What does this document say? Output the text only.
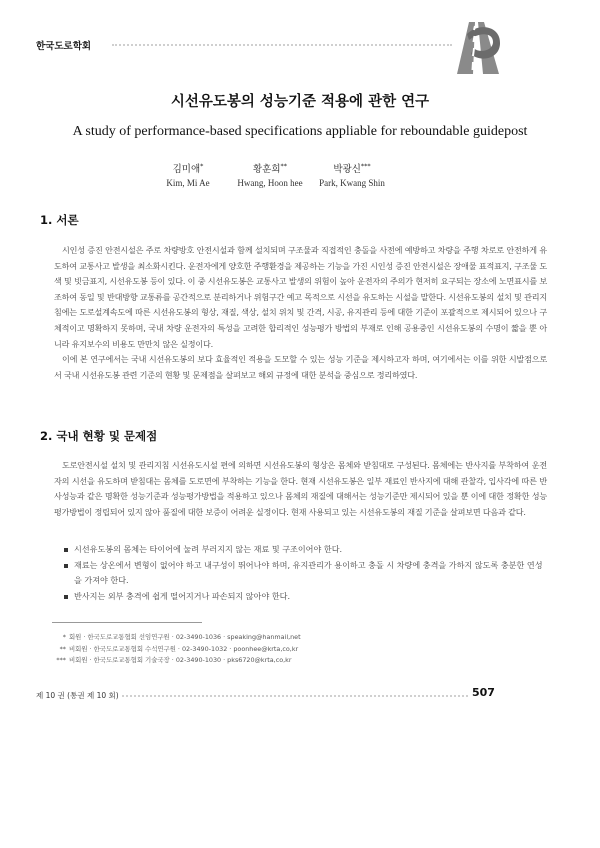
한국도로학회
시선유도봉의 성능기준 적용에 관한 연구
A study of performance-based specifications appliable for reboundable guidepost
김미애*
Kim, Mi Ae
황훈희**
Hwang, Hoon hee
박광신***
Park, Kwang Shin
1. 서론

시인성 증진 안전시설은 주로 차량방호 안전시설과 함께 설치되며 구조물과 직접적인 충돌을 사전에 예방하고 차량을 주행 차로로 안전하게 유도하여 교통사고 발생을 최소화시킨다. 운전자에게 양호한 주행환경을 제공하는 기능을 가진 시인성 증진 안전시설은 장애물 표적표지, 구조물 도색 및 빗금표지, 시선유도봉 등이 있다. 이 중 시선유도봉은 교통사고 발생의 위험이 높아 운전자의 주의가 현저히 요구되는 장소에 노면표시를 보조하여 동일 및 반대방향 교통류를 공간적으로 분리하거나 위험구간 예고 목적으로 시선을 유도하는 시설을 말한다. 시선유도봉의 설치 및 관리지침에는 도로설계속도에 따른 시선유도봉의 형상, 재질, 색상, 설치 위치 및 간격, 시공, 유지관리 등에 대한 기준이 포괄적으로 제시되어 있으나 구체적이고 명확하지 못하며, 국내 차량 운전자의 특성을 고려한 합리적인 성능평가 방법의 부재로 인해 공용중인 시선유도봉의 수명이 짧을 뿐 아니라 유지보수의 비용도 만만치 않은 실정이다.

이에 본 연구에서는 국내 시선유도봉의 보다 효율적인 적용을 도모할 수 있는 성능 기준을 제시하고자 하며, 여기에서는 이를 위한 시발점으로서 국내 시선유도봉 관련 기준의 현황 및 문제점을 살펴보고 해외 규정에 대한 분석을 중심으로 정리하였다.

2. 국내 현황 및 문제점

도로안전시설 설치 및 관리지침 시선유도시설 편에 의하면 시선유도봉의 형상은 몸체와 받침대로 구성된다. 몸체에는 반사지를 부착하여 운전자의 시선을 유도하며 받침대는 몸체를 도로면에 부착하는 기능을 한다. 현재 시선유도봉은 일부 재료인 반사지에 대해 관찰각, 입사각에 따른 반사성능과 같은 명확한 성능기준과 성능평가방법을 적용하고 있으나 몸체의 재질에 대해서는 성능기준만 제시되어 있을 뿐 이에 대한 정확한 성능평가방법이 정립되어 있지 않아 품질에 대한 보증이 어려운 실정이다. 현재 사용되고 있는 시선유도봉의 재질 기준을 살펴보면 다음과 같다.

시선유도봉의 몸체는 타이어에 눌려 부러지지 않는 재료 및 구조이어야 한다.
재료는 상온에서 변형이 없어야 하고 내구성이 뛰어나야 하며, 유지관리가 용이하고 충돌 시 차량에 충격을 가하지 않도록 충분한 연성을 가져야 한다.
반사지는 외부 충격에 쉽게 떨어지거나 파손되지 않아야 한다.
* 회원 · 한국도로교통협회 선임연구원 · 02-3490-1036 · speaking@hanmail,net
** 비회원 · 한국도로교통협회 수석연구원 · 02-3490-1032 · poonhee@krta,co,kr
*** 비회원 · 한국도로교통협회 기술국장 · 02-3490-1030 · pks6720@krta,co,kr
제 10 권 (통권 제 10 회)	507
